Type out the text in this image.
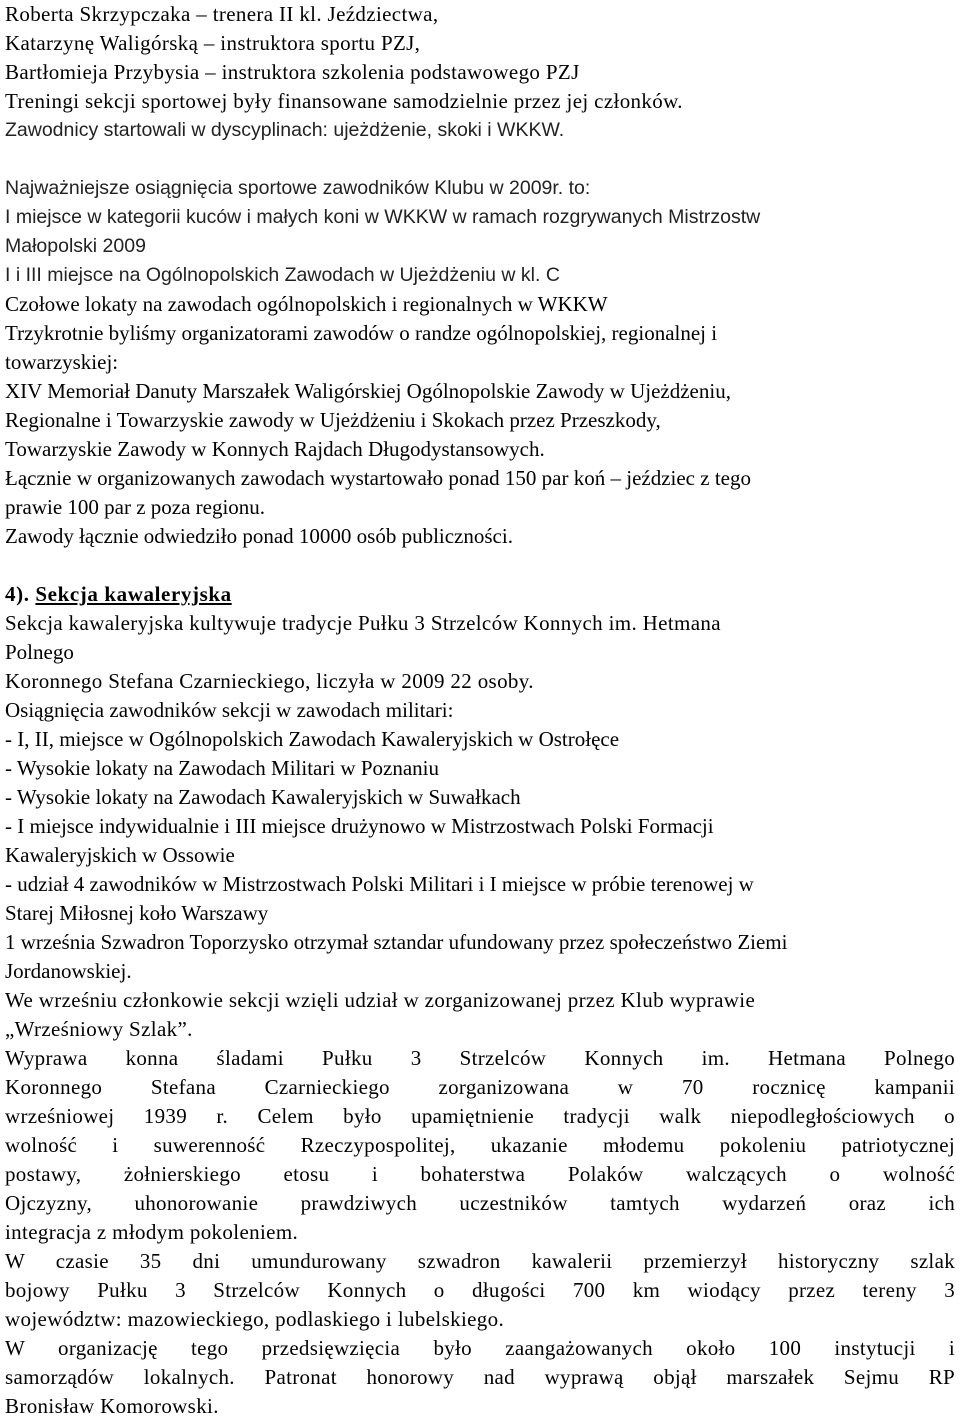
Roberta Skrzypczaka – trenera II kl. Jeździectwa,
Katarzynę Waligórską – instruktora sportu PZJ,
Bartłomieja Przybysia – instruktora szkolenia podstawowego PZJ
Treningi sekcji sportowej były finansowane samodzielnie przez jej członków.
Zawodnicy startowali w dyscyplinach: ujeżdżenie, skoki i WKKW.
Najważniejsze osiągnięcia sportowe zawodników Klubu w 2009r. to:
I miejsce w kategorii kuców i małych koni w WKKW w ramach rozgrywanych Mistrzostw
Małopolski 2009
I i III miejsce na Ogólnopolskich Zawodach w Ujeżdżeniu w kl. C
Czołowe lokaty na zawodach ogólnopolskich i regionalnych w WKKW
Trzykrotnie byliśmy organizatorami zawodów o randze ogólnopolskiej, regionalnej i
towarzyskiej:
XIV Memoriał Danuty Marszałek Waligórskiej Ogólnopolskie Zawody w Ujeżdżeniu,
Regionalne i Towarzyskie zawody w Ujeżdżeniu i Skokach przez Przeszkody,
Towarzyskie Zawody w Konnych Rajdach Długodystansowych.
Łącznie w organizowanych zawodach wystartowało ponad 150 par koń – jeździec z tego
prawie 100 par z poza regionu.
Zawody łącznie odwiedziło ponad 10000 osób publiczności.
4). Sekcja kawaleryjska
Sekcja kawaleryjska kultywuje tradycje Pułku 3 Strzelców Konnych im. Hetmana
Polnego
Koronnego Stefana Czarnieckiego, liczyła w 2009 22 osoby.
Osiągnięcia zawodników sekcji w zawodach militari:
- I, II, miejsce w Ogólnopolskich Zawodach Kawaleryjskich w Ostrołęce
- Wysokie lokaty na Zawodach Militari w Poznaniu
- Wysokie lokaty na Zawodach Kawaleryjskich w Suwałkach
- I miejsce indywidualnie i III miejsce drużynowo w Mistrzostwach Polski Formacji
Kawaleryjskich w Ossowie
- udział 4 zawodników w Mistrzostwach Polski Militari i I miejsce w próbie terenowej w
Starej Miłosnej koło Warszawy
1 września Szwadron Toporzysko otrzymał sztandar ufundowany przez społeczeństwo Ziemi
Jordanowskiej.
We wrześniu członkowie sekcji wzięli udział w zorganizowanej przez Klub wyprawie
„Wrześniowy Szlak”.
Wyprawa konna śladami Pułku 3 Strzelców Konnych im. Hetmana Polnego
Koronnego Stefana Czarnieckiego zorganizowana w 70 rocznicę kampanii
wrześniowej 1939 r. Celem było upamiętnienie tradycji walk niepodległościowych o
wolność i suwerenność Rzeczypospolitej, ukazanie młodemu pokoleniu patriotycznej
postawy, żołnierskiego etosu i bohaterstwa Polaków walczących o wolność
Ojczyzny, uhonorowanie prawdziwych uczestników tamtych wydarzeń oraz ich
integracja z młodym pokoleniem.
W czasie 35 dni umundurowany szwadron kawalerii przemierzył historyczny szlak
bojowy Pułku 3 Strzelców Konnych o długości 700 km wiodący przez tereny 3
województw: mazowieckiego, podlaskiego i lubelskiego.
W organizację tego przedsięwzięcia było zaangażowanych około 100 instytucji i
samorządów lokalnych. Patronat honorowy nad wyprawą objął marszałek Sejmu RP
Bronisław Komorowski.
